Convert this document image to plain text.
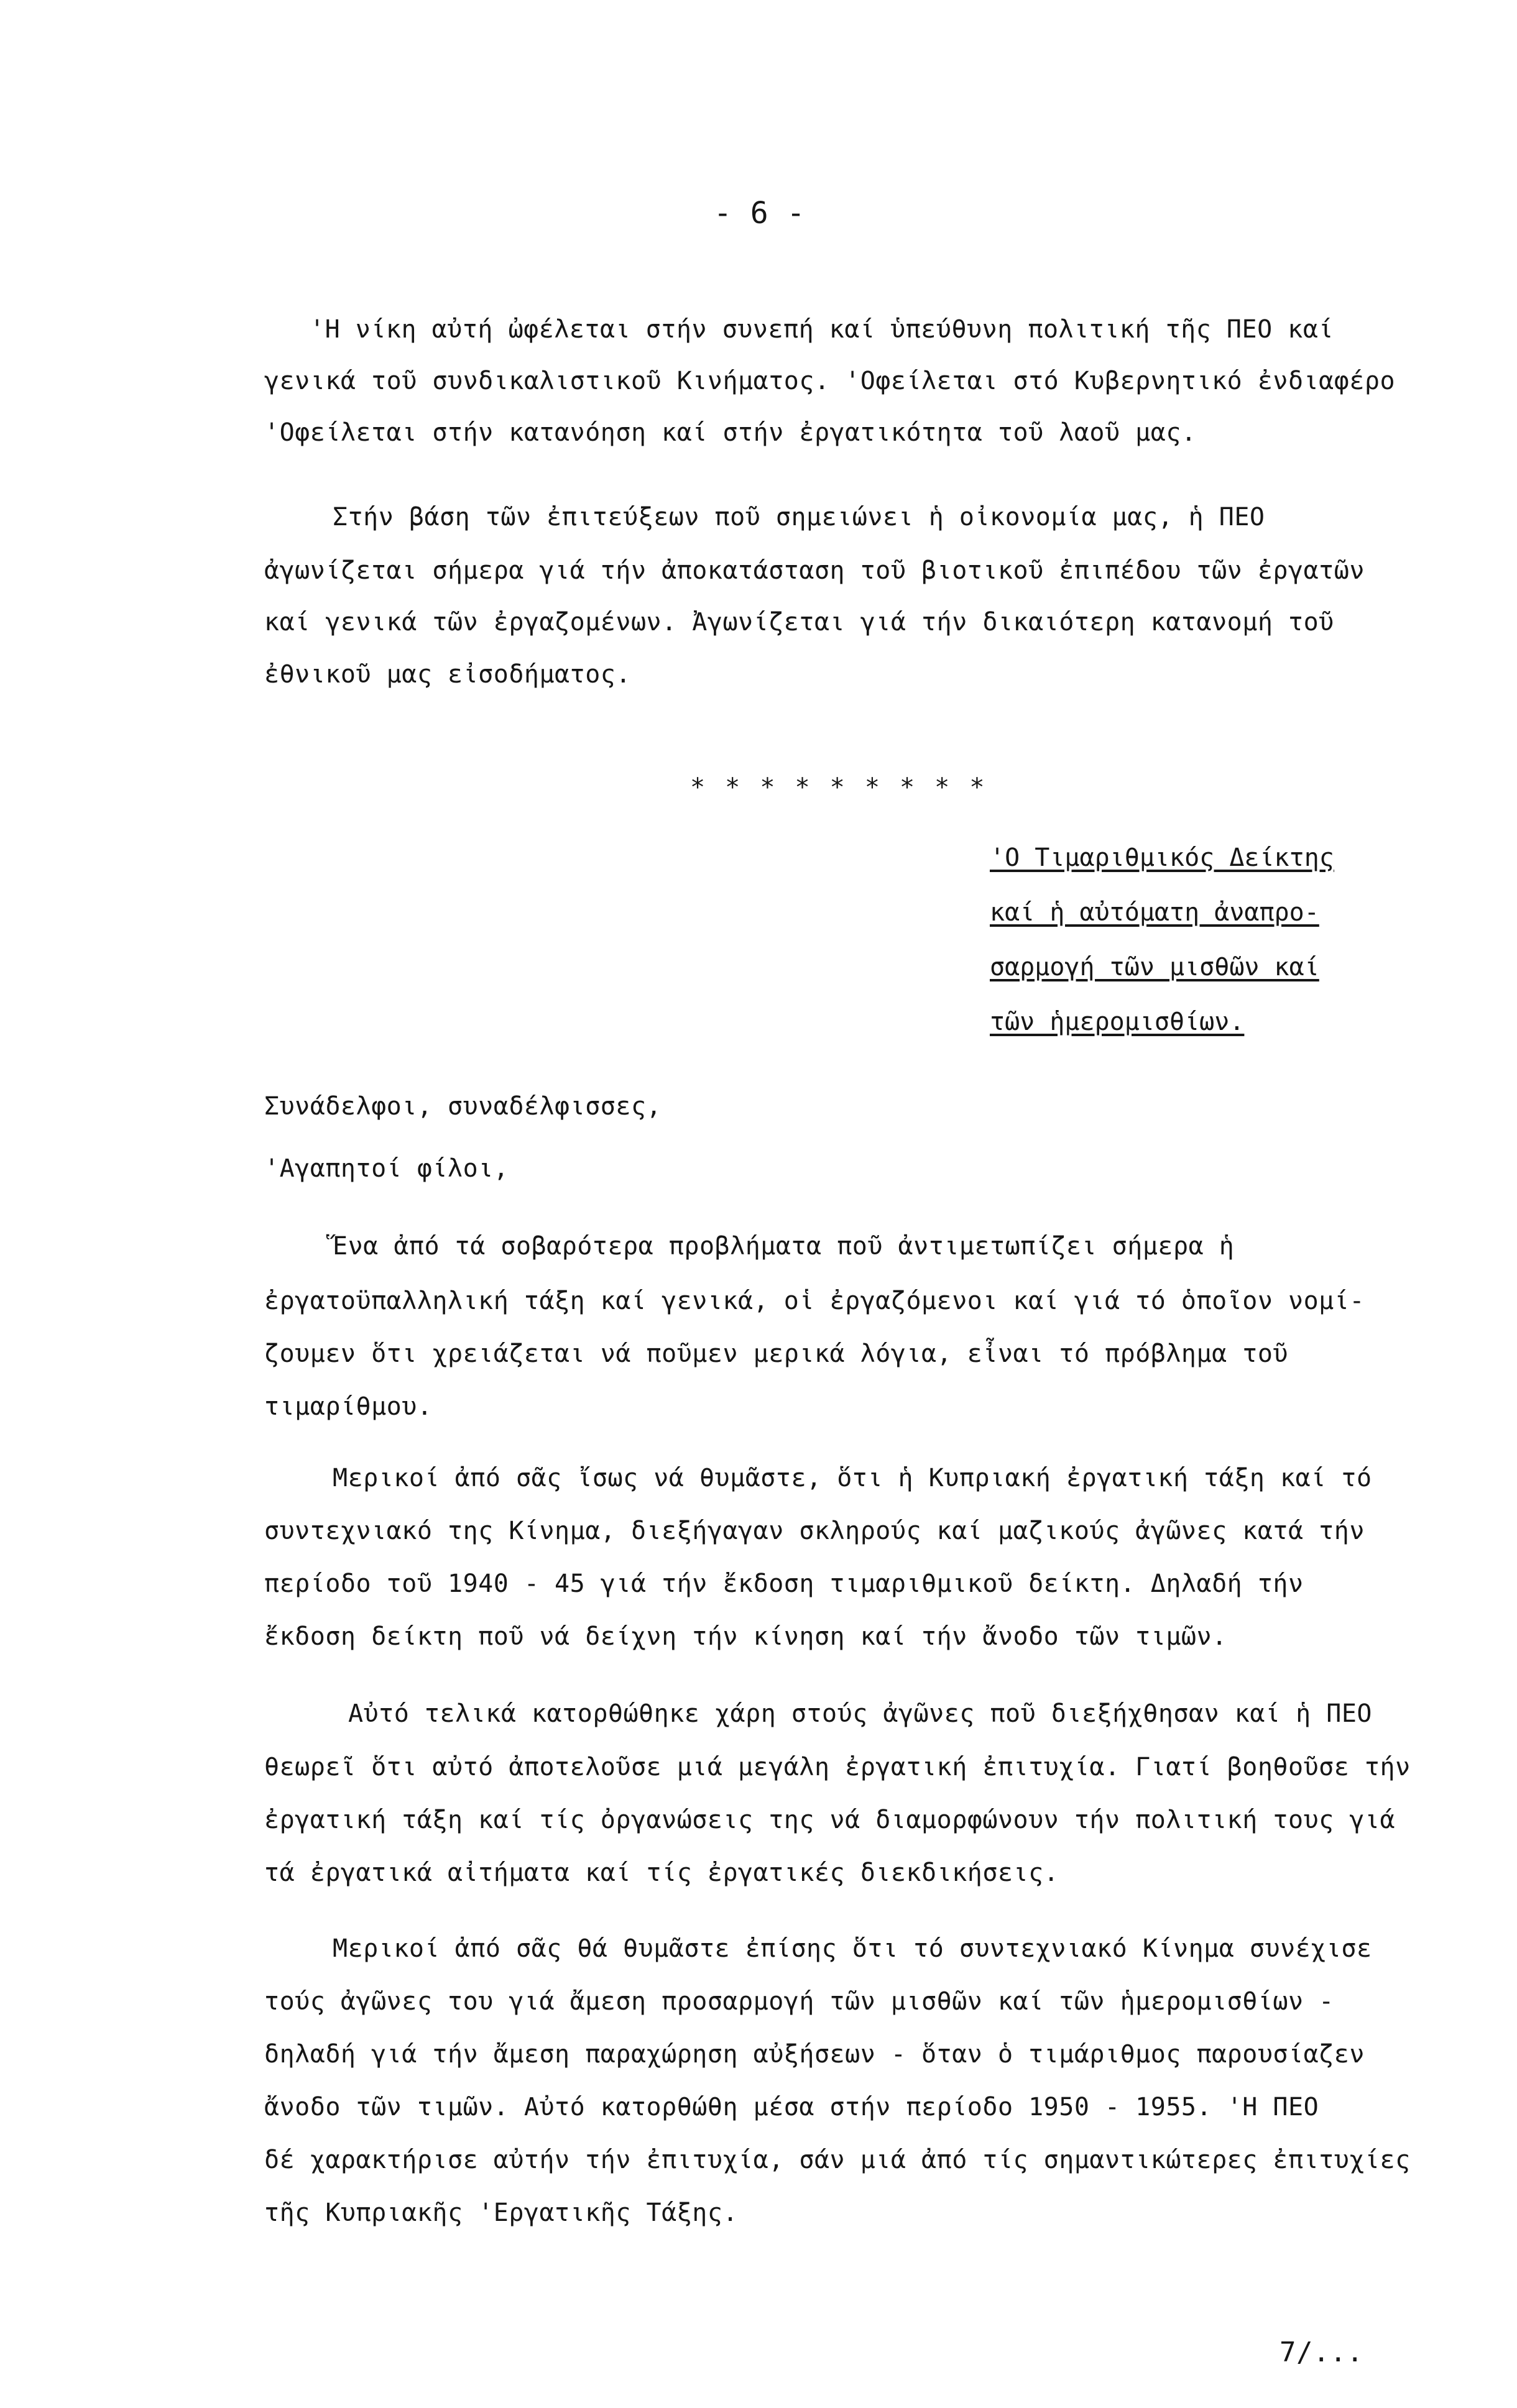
- 6 -
'Η νίκη αὐτή ὠφέλεται στήν συνεπή καί ὑπεύθυνη πολιτική τῆς ΠΕΟ καί
γενικά τοῦ συνδικαλιστικοῦ Κινήματος. 'Οφείλεται στό Κυβερνητικό ἐνδιαφέρο
'Οφείλεται στήν κατανόηση καί στήν ἐργατικότητα τοῦ λαοῦ μας.
Στήν βάση τῶν ἐπιτεύξεων ποῦ σημειώνει ἡ οἰκονομία μας, ἡ ΠΕΟ
ἀγωνίζεται σήμερα γιά τήν ἀποκατάσταση τοῦ βιοτικοῦ ἐπιπέδου τῶν ἐργατῶν
καί γενικά τῶν ἐργαζομένων. Ἀγωνίζεται γιά τήν δικαιότερη κατανομή τοῦ
ἐθνικοῦ μας εἰσοδήματος.
* * * * * * * * *
'Ο Τιμαριθμικός Δείκτης
καί ἡ αὐτόματη ἀναπρο-
σαρμογή τῶν μισθῶν καί
τῶν ἡμερομισθίων.
Συνάδελφοι, συναδέλφισσες,
'Αγαπητοί φίλοι,
Ἕνα ἀπό τά σοβαρότερα προβλήματα ποῦ ἀντιμετωπίζει σήμερα ἡ
ἐργατοϋπαλληλική τάξη καί γενικά, οἱ ἐργαζόμενοι καί γιά τό ὁποῖον νομί-
ζουμεν ὅτι χρειάζεται νά ποῦμεν μερικά λόγια, εἶναι τό πρόβλημα τοῦ
τιμαρίθμου.
Μερικοί ἀπό σᾶς ἴσως νά θυμᾶστε, ὅτι ἡ Κυπριακή ἐργατική τάξη καί τό
συντεχνιακό της Κίνημα, διεξήγαγαν σκληρούς καί μαζικούς ἀγῶνες κατά τήν
περίοδο τοῦ 1940 - 45 γιά τήν ἔκδοση τιμαριθμικοῦ δείκτη. Δηλαδή τήν
ἔκδοση δείκτη ποῦ νά δείχνη τήν κίνηση καί τήν ἄνοδο τῶν τιμῶν.
Αὐτό τελικά κατορθώθηκε χάρη στούς ἀγῶνες ποῦ διεξήχθησαν καί ἡ ΠΕΟ
θεωρεῖ ὅτι αὐτό ἀποτελοῦσε μιά μεγάλη ἐργατική ἐπιτυχία. Γιατί βοηθοῦσε τήν
ἐργατική τάξη καί τίς ὀργανώσεις της νά διαμορφώνουν τήν πολιτική τους γιά
τά ἐργατικά αἰτήματα καί τίς ἐργατικές διεκδικήσεις.
Μερικοί ἀπό σᾶς θά θυμᾶστε ἐπίσης ὅτι τό συντεχνιακό Κίνημα συνέχισε
τούς ἀγῶνες του γιά ἄμεση προσαρμογή τῶν μισθῶν καί τῶν ἡμερομισθίων -
δηλαδή γιά τήν ἄμεση παραχώρηση αὐξήσεων - ὅταν ὁ τιμάριθμος παρουσίαζεν
ἄνοδο τῶν τιμῶν. Αὐτό κατορθώθη μέσα στήν περίοδο 1950 - 1955. 'Η ΠΕΟ
δέ χαρακτήρισε αὐτήν τήν ἐπιτυχία, σάν μιά ἀπό τίς σημαντικώτερες ἐπιτυχίες
τῆς Κυπριακῆς 'Εργατικῆς Τάξης.
7/...
